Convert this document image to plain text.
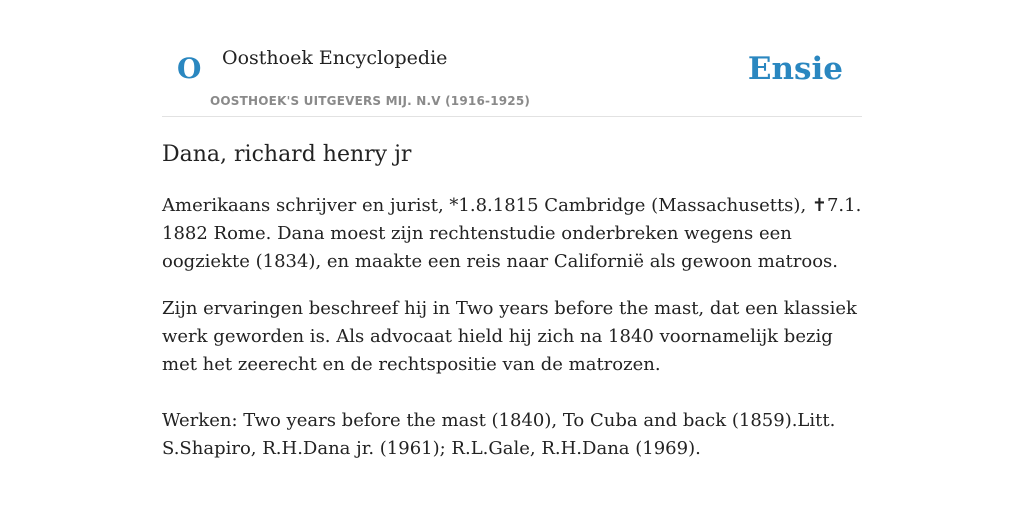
O Oosthoek Encyclopedie
OOSTHOEK'S UITGEVERS MIJ. N.V (1916-1925)
Ensie
Dana, richard henry jr

Amerikaans schrijver en jurist, *1.8.1815 Cambridge (Massachusetts), ✝7.1. 1882 Rome. Dana moest zijn rechtenstudie onderbreken wegens een oogziekte (1834), en maakte een reis naar Californië als gewoon matroos.

Zijn ervaringen beschreef hij in Two years before the mast, dat een klassiek werk geworden is. Als advocaat hield hij zich na 1840 voornamelijk bezig met het zeerecht en de rechtspositie van de matrozen.

Werken: Two years before the mast (1840), To Cuba and back (1859).Litt. S.Shapiro, R.H.Dana jr. (1961); R.L.Gale, R.H.Dana (1969).
